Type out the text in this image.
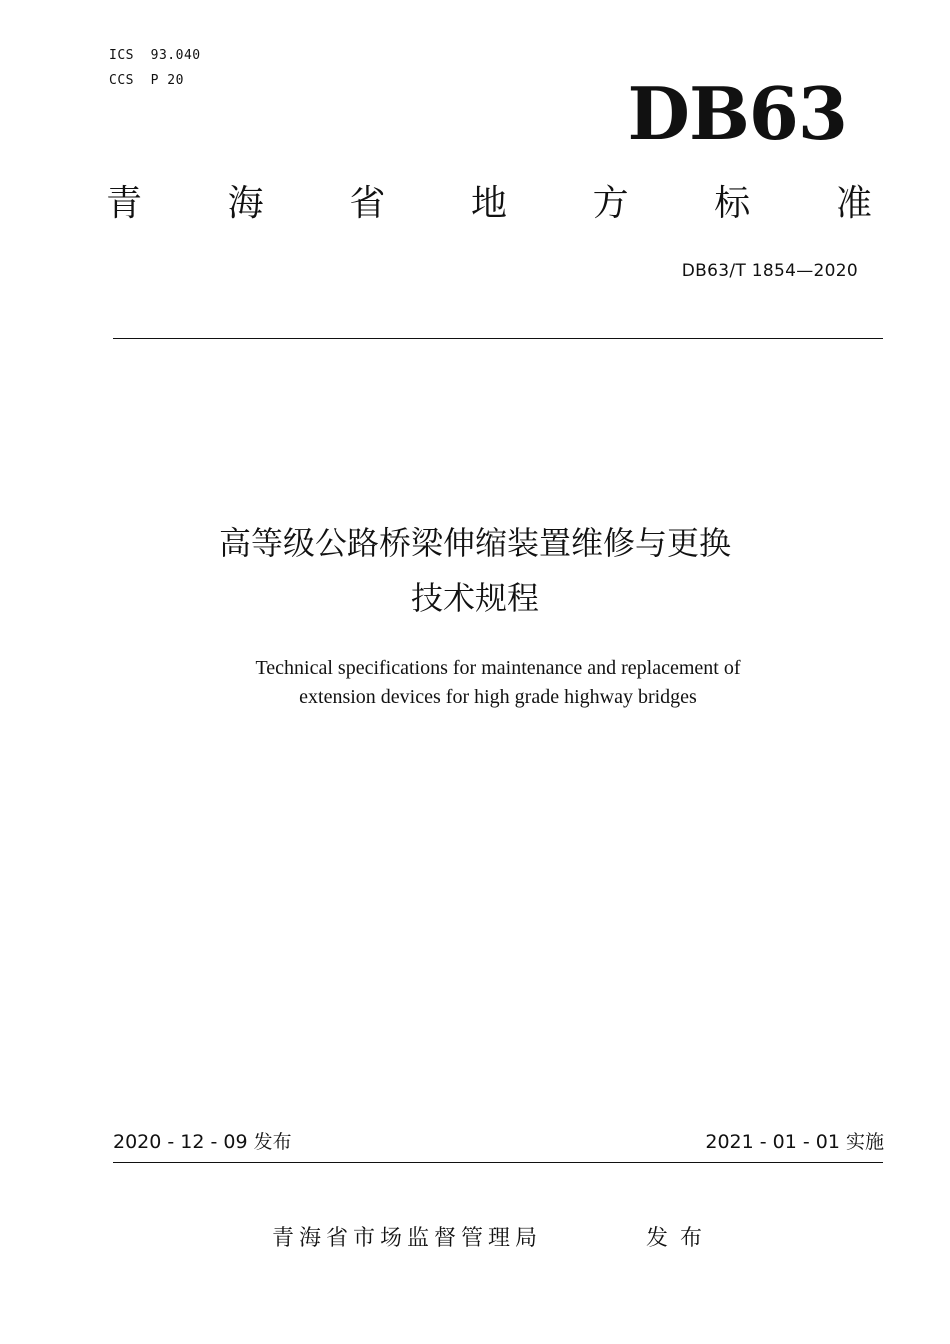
ICS  93.040
CCS  P 20	DB63
青 海 省 地 方 标 准
DB63/T 1854—2020
高等级公路桥梁伸缩装置维修与更换
技术规程
Technical specifications for maintenance and replacement of
extension devices for high grade highway bridges
2020 - 12 - 09 发布	2021 - 01 - 01 实施
青海省市场监督管理局	发布
